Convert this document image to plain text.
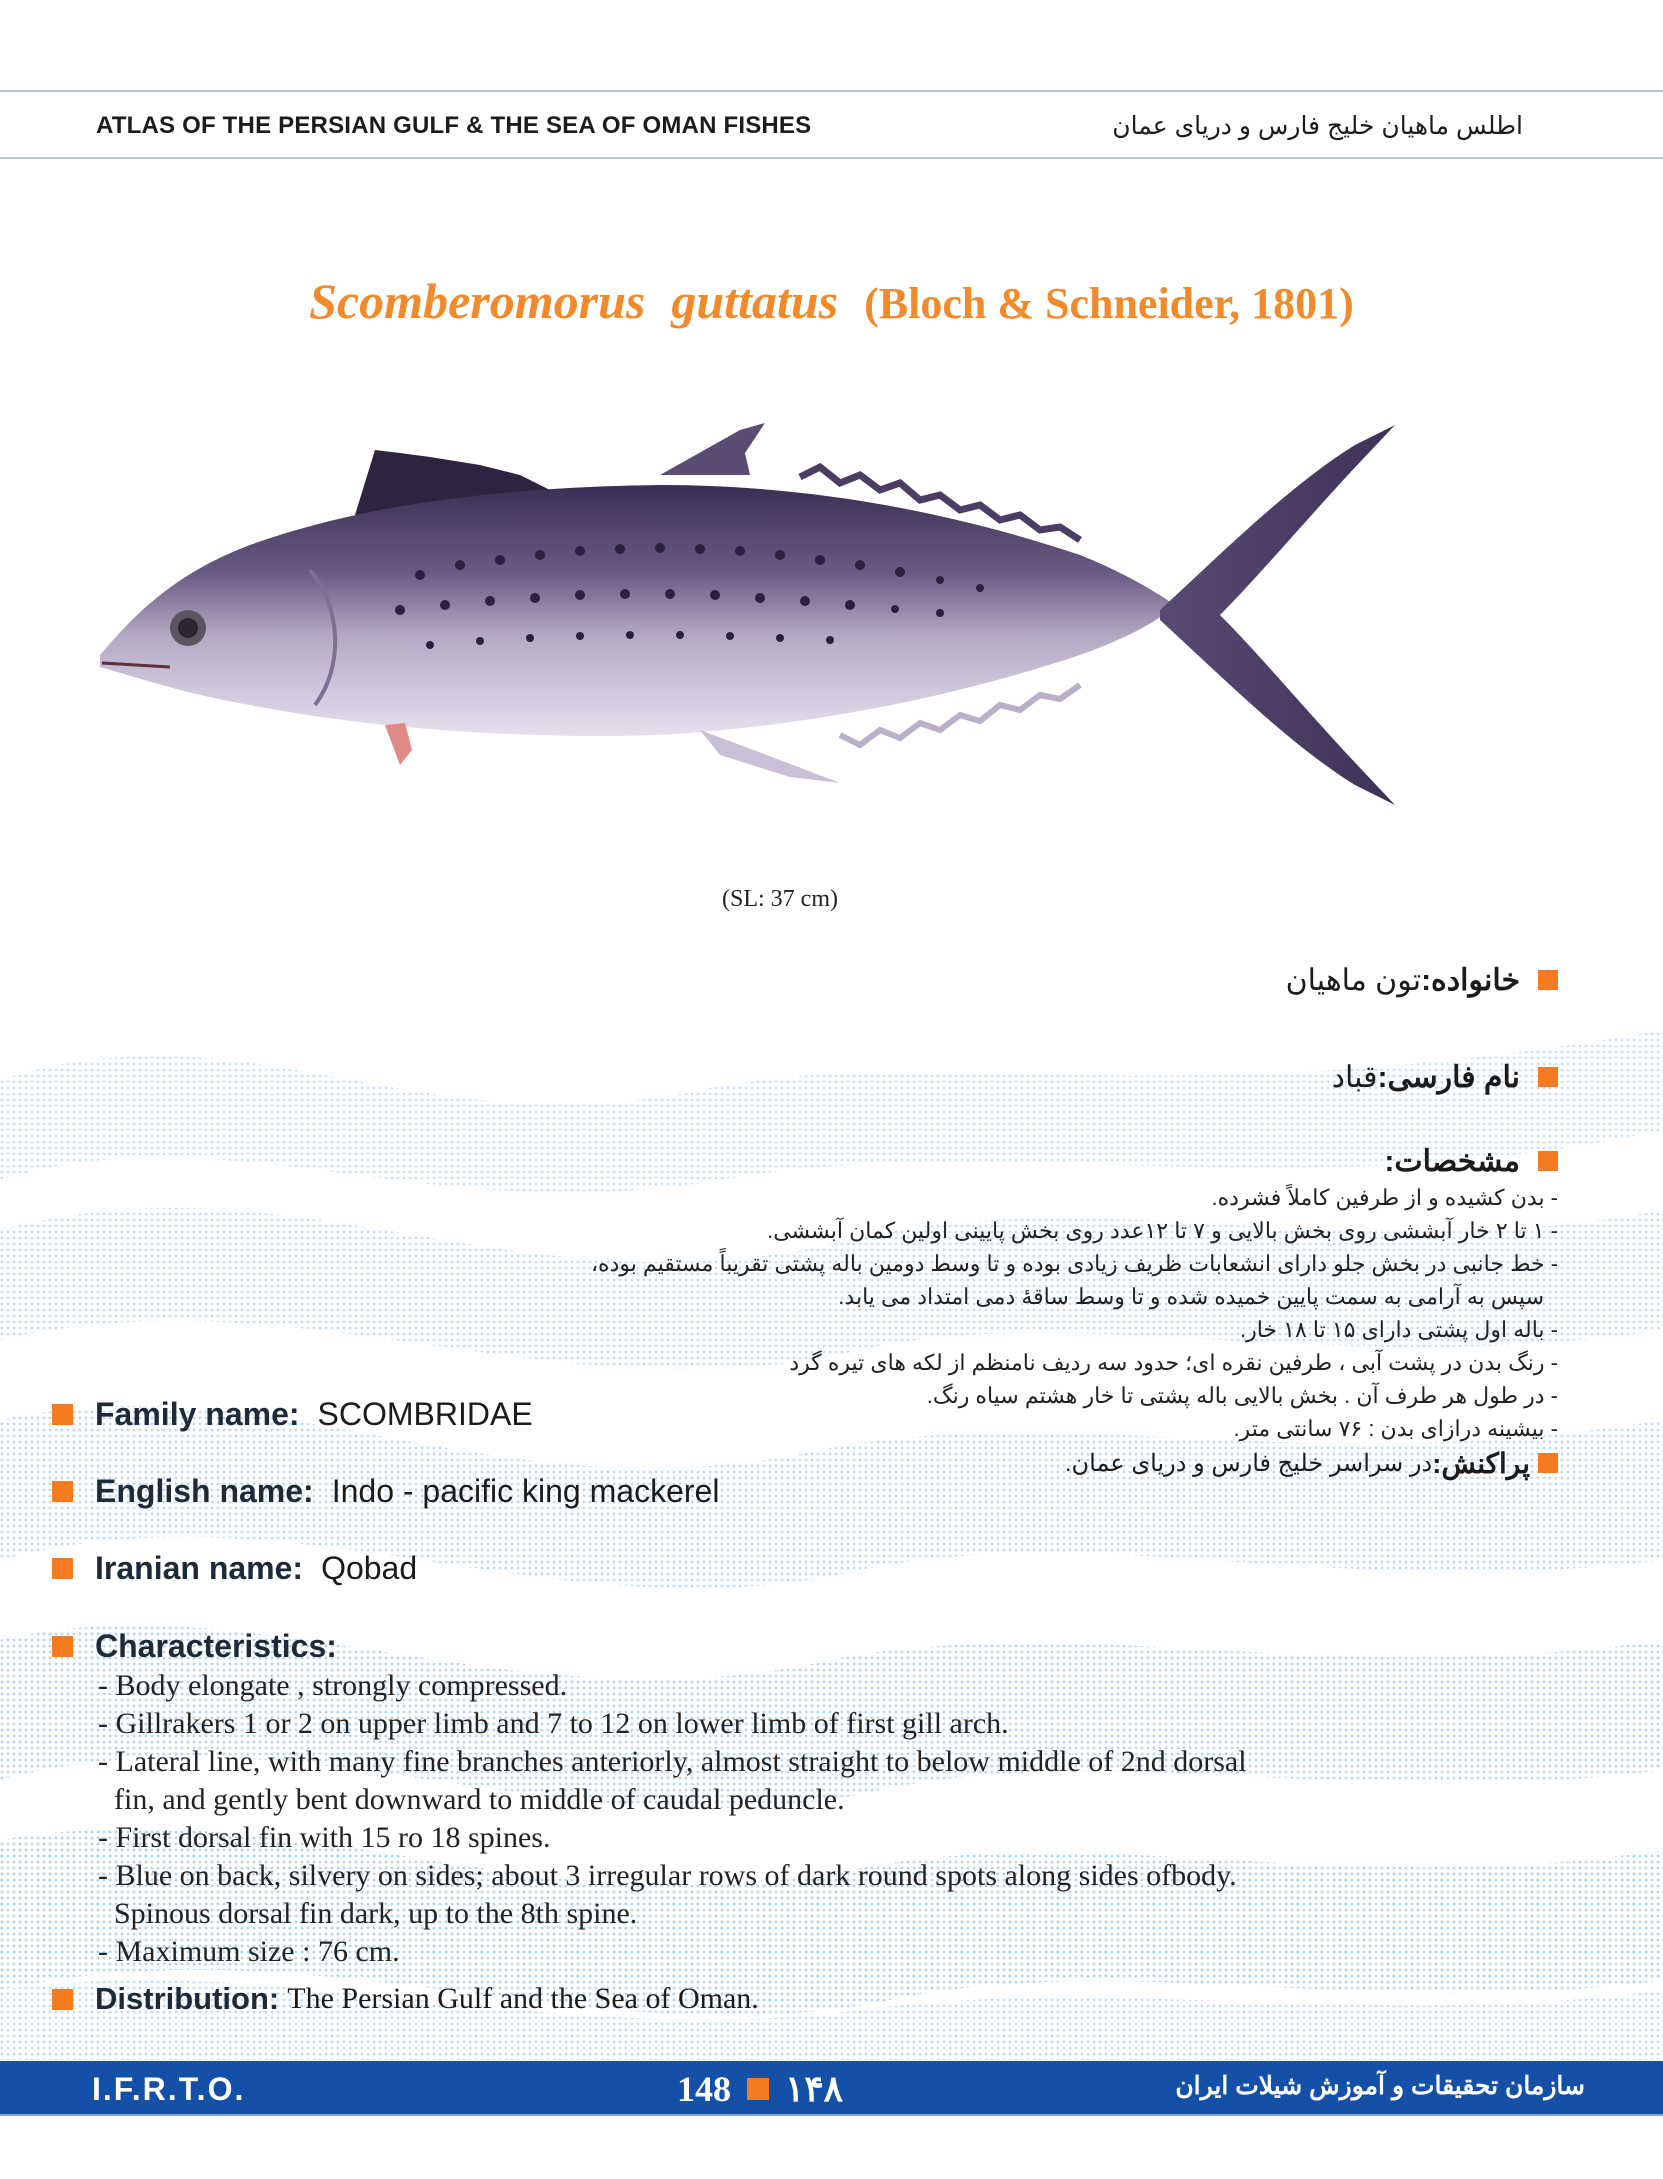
ATLAS OF THE PERSIAN GULF & THE SEA OF OMAN FISHES	اطلس ماهیان خلیج فارس و دریای عمان
Scomberomorus guttatus (Bloch & Schneider, 1801)
(SL: 37 cm)
خانواده:
تون ماهیان
نام فارسی:
قباد
مشخصات:
- بدن کشیده و از طرفین کاملاً فشرده.
- ۱ تا ۲ خار آبششی روی بخش بالایی و ۷ تا ۱۲عدد روی بخش پایینی اولین کمان آبششی.
- خط جانبی در بخش جلو دارای انشعابات ظریف زیادی بوده و تا وسط دومین باله پشتی تقریباً مستقیم بوده،
سپس به آرامی به سمت پایین خمیده شده و تا وسط ساقهٔ دمی امتداد می یابد.
- باله اول پشتی دارای ۱۵ تا ۱۸ خار.
- رنگ بدن در پشت آبی ، طرفین نقره ای؛ حدود سه ردیف نامنظم از لکه های تیره گرد
- در طول هر طرف آن . بخش بالایی باله پشتی تا خار هشتم سیاه رنگ.
- بیشینه درازای بدن : ۷۶ سانتی متر.
پراکنش:
در سراسر خلیج فارس و دریای عمان.
Family name: SCOMBRIDAE
English name: Indo - pacific king mackerel
Iranian name: Qobad
Characteristics:
- Body elongate , strongly compressed.
- Gillrakers 1 or 2 on upper limb and 7 to 12 on lower limb of first gill arch.
- Lateral line, with many fine branches anteriorly, almost straight to below middle of 2nd dorsal
fin, and gently bent downward to middle of caudal peduncle.
- First dorsal fin with 15 ro 18 spines.
- Blue on back, silvery on sides; about 3 irregular rows of dark round spots along sides ofbody.
Spinous dorsal fin dark, up to the 8th spine.
- Maximum size : 76 cm.
Distribution: The Persian Gulf and the Sea of Oman.
I.F.R.T.O.	148 ۱۴۸	سازمان تحقیقات و آموزش شیلات ایران
